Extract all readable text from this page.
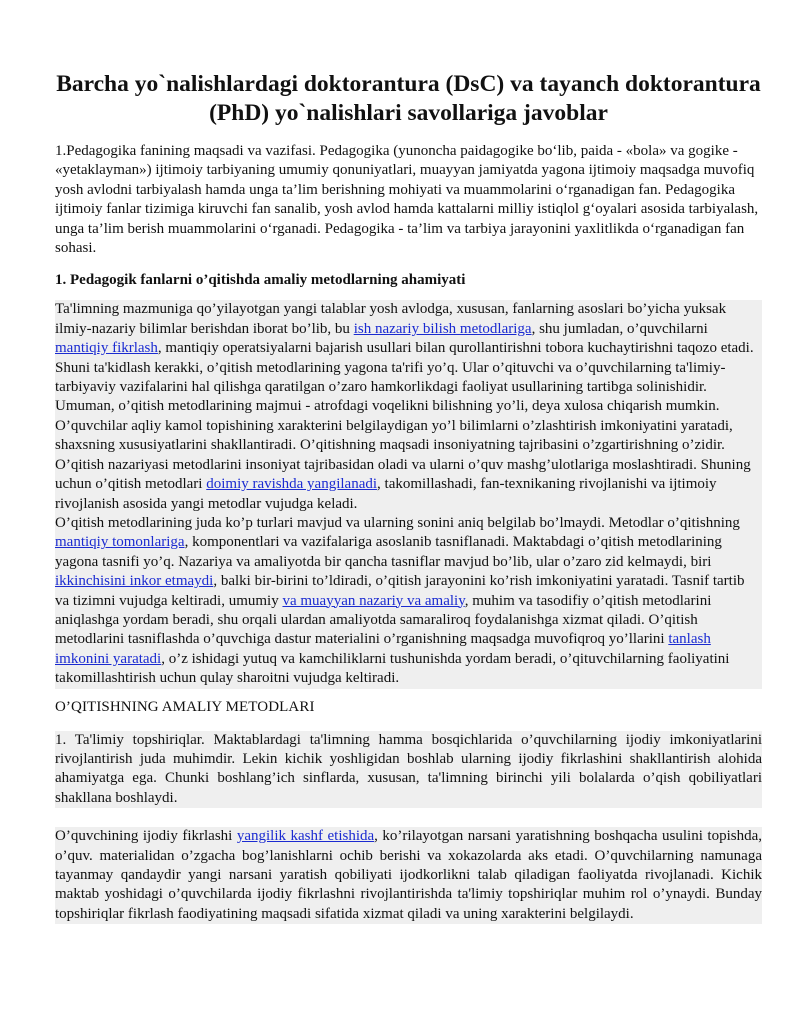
Barcha yo`nalishlardagi doktorantura (DsC) va tayanch doktorantura
(PhD) yo`nalishlari savollariga javoblar

1.Pedagogika fanining maqsadi va vazifasi. Pedagogika (yunoncha paidagogike bo‘lib, paida - «bola» va gogike - «yetaklayman») ijtimoiy tarbiyaning umumiy qonuniyatlari, muayyan jamiyatda yagona ijtimoiy maqsadga muvofiq yosh avlodni tarbiyalash hamda unga ta’lim berishning mohiyati va muammolarini o‘rganadigan fan. Pedagogika ijtimoiy fanlar tizimiga kiruvchi fan sanalib, yosh avlod hamda kattalarni milliy istiqlol g‘oyalari asosida tarbiyalash, unga ta’lim berish muammolarini o‘rganadi. Pedagogika - ta’lim va tarbiya jarayonini yaxlitlikda o‘rganadigan fan sohasi.

1. Pedagogik fanlarni o’qitishda amaliy metodlarning ahamiyati

Ta'limning mazmuniga qo’yilayotgan yangi talablar yosh avlodga, xususan, fanlarning asoslari bo’yicha yuksak ilmiy-nazariy bilimlar berishdan iborat bo’lib, bu ish nazariy bilish metodlariga, shu jumladan, o’quvchilarni mantiqiy fikrlash, mantiqiy operatsiyalarni bajarish usullari bilan qurollantirishni tobora kuchaytirishni taqozo etadi. Shuni ta'kidlash kerakki, o’qitish metodlarining yagona ta'rifi yo’q. Ular o’qituvchi va o’quvchilarning ta'limiy-tarbiyaviy vazifalarini hal qilishga qaratilgan o’zaro hamkorlikdagi faoliyat usullarining tartibga solinishidir. Umuman, o’qitish metodlarining majmui - atrofdagi voqelikni bilishning yo’li, deya xulosa chiqarish mumkin.

O’quvchilar aqliy kamol topishining xarakterini belgilaydigan yo’l bilimlarni o’zlashtirish imkoniyatini yaratadi, shaxsning xususiyatlarini shakllantiradi. O’qitishning maqsadi insoniyatning tajribasini o’zgartirishning o’zidir. O’qitish nazariyasi metodlarini insoniyat tajribasidan oladi va ularni o’quv mashg’ulotlariga moslashtiradi. Shuning uchun o’qitish metodlari doimiy ravishda yangilanadi, takomillashadi, fan-texnikaning rivojlanishi va ijtimoiy rivojlanish asosida yangi metodlar vujudga keladi.

O’qitish metodlarining juda ko’p turlari mavjud va ularning sonini aniq belgilab bo’lmaydi. Metodlar o’qitishning mantiqiy tomonlariga, komponentlari va vazifalariga asoslanib tasniflanadi. Maktabdagi o’qitish metodlarining yagona tasnifi yo’q. Nazariya va amaliyotda bir qancha tasniflar mavjud bo’lib, ular o’zaro zid kelmaydi, biri ikkinchisini inkor etmaydi, balki bir-birini to’ldiradi, o’qitish jarayonini ko’rish imkoniyatini yaratadi. Tasnif tartib va tizimni vujudga keltiradi, umumiy va muayyan nazariy va amaliy, muhim va tasodifiy o’qitish metodlarini aniqlashga yordam beradi, shu orqali ulardan amaliyotda samaraliroq foydalanishga xizmat qiladi. O’qitish metodlarini tasniflashda o’quvchiga dastur materialini o’rganishning maqsadga muvofiqroq yo’llarini tanlash imkonini yaratadi, o’z ishidagi yutuq va kamchiliklarni tushunishda yordam beradi, o’qituvchilarning faoliyatini takomillashtirish uchun qulay sharoitni vujudga keltiradi.

O’QITISHNING AMALIY METODLARI

1. Ta'limiy topshiriqlar. Maktablardagi ta'limning hamma bosqichlarida o’quvchilarning ijodiy imkoniyatlarini rivojlantirish juda muhimdir. Lekin kichik yoshligidan boshlab ularning ijodiy fikrlashini shakllantirish alohida ahamiyatga ega. Chunki boshlang’ich sinflarda, xususan, ta'limning birinchi yili bolalarda o’qish qobiliyatlari shakllana boshlaydi.

O’quvchining ijodiy fikrlashi yangilik kashf etishida, ko’rilayotgan narsani yaratishning boshqacha usulini topishda, o’quv. materialidan o’zgacha bog’lanishlarni ochib berishi va xokazolarda aks etadi. O’quvchilarning namunaga tayanmay qandaydir yangi narsani yaratish qobiliyati ijodkorlikni talab qiladigan faoliyatda rivojlanadi. Kichik maktab yoshidagi o’quvchilarda ijodiy fikrlashni rivojlantirishda ta'limiy topshiriqlar muhim rol o’ynaydi. Bunday topshiriqlar fikrlash faodiyatining maqsadi sifatida xizmat qiladi va uning xarakterini belgilaydi.
